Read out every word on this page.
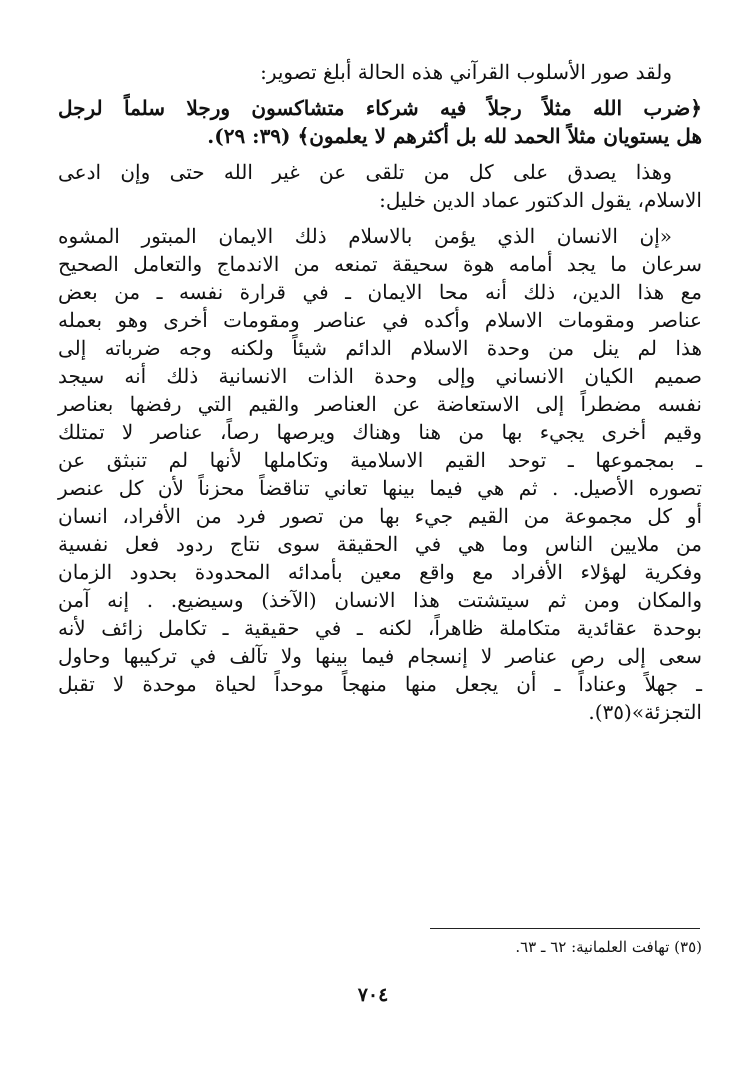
ولقد صور الأسلوب القرآني هذه الحالة أبلغ تصوير:
﴿ضرب الله مثلاً رجلاً فيه شركاء متشاكسون ورجلا سلماً لرجل
هل يستويان مثلاً الحمد لله بل أكثرهم لا يعلمون﴾ (٣٩: ٢٩).
وهذا يصدق على كل من تلقى عن غير الله حتى وإن ادعى
الاسلام، يقول الدكتور عماد الدين خليل:
«إن الانسان الذي يؤمن بالاسلام ذلك الايمان المبتور المشوه
سرعان ما يجد أمامه هوة سحيقة تمنعه من الاندماج والتعامل الصحيح
مع هذا الدين، ذلك أنه محا الايمان ـ في قرارة نفسه ـ من بعض
عناصر ومقومات الاسلام وأكده في عناصر ومقومات أخرى وهو بعمله
هذا لم ينل من وحدة الاسلام الدائم شيئاً ولكنه وجه ضرباته إلى
صميم الكيان الانساني وإلى وحدة الذات الانسانية ذلك أنه سيجد
نفسه مضطراً إلى الاستعاضة عن العناصر والقيم التي رفضها بعناصر
وقيم أخرى يجيء بها من هنا وهناك ويرصها رصاً، عناصر لا تمتلك
ـ بمجموعها ـ توحد القيم الاسلامية وتكاملها لأنها لم تنبثق عن
تصوره الأصيل. . ثم هي فيما بينها تعاني تناقضاً محزناً لأن كل عنصر
أو كل مجموعة من القيم جيء بها من تصور فرد من الأفراد، انسان
من ملايين الناس وما هي في الحقيقة سوى نتاج ردود فعل نفسية
وفكرية لهؤلاء الأفراد مع واقع معين بأمدائه المحدودة بحدود الزمان
والمكان ومن ثم سيتشتت هذا الانسان (الآخذ) وسيضيع. . إنه آمن
بوحدة عقائدية متكاملة ظاهراً، لكنه ـ في حقيقية ـ تكامل زائف لأنه
سعى إلى رص عناصر لا إنسجام فيما بينها ولا تآلف في تركيبها وحاول
ـ جهلاً وعناداً ـ أن يجعل منها منهجاً موحداً لحياة موحدة لا تقبل
التجزئة»(٣٥).
(٣٥) تهافت العلمانية: ٦٢ ـ ٦٣.
٧٠٤
